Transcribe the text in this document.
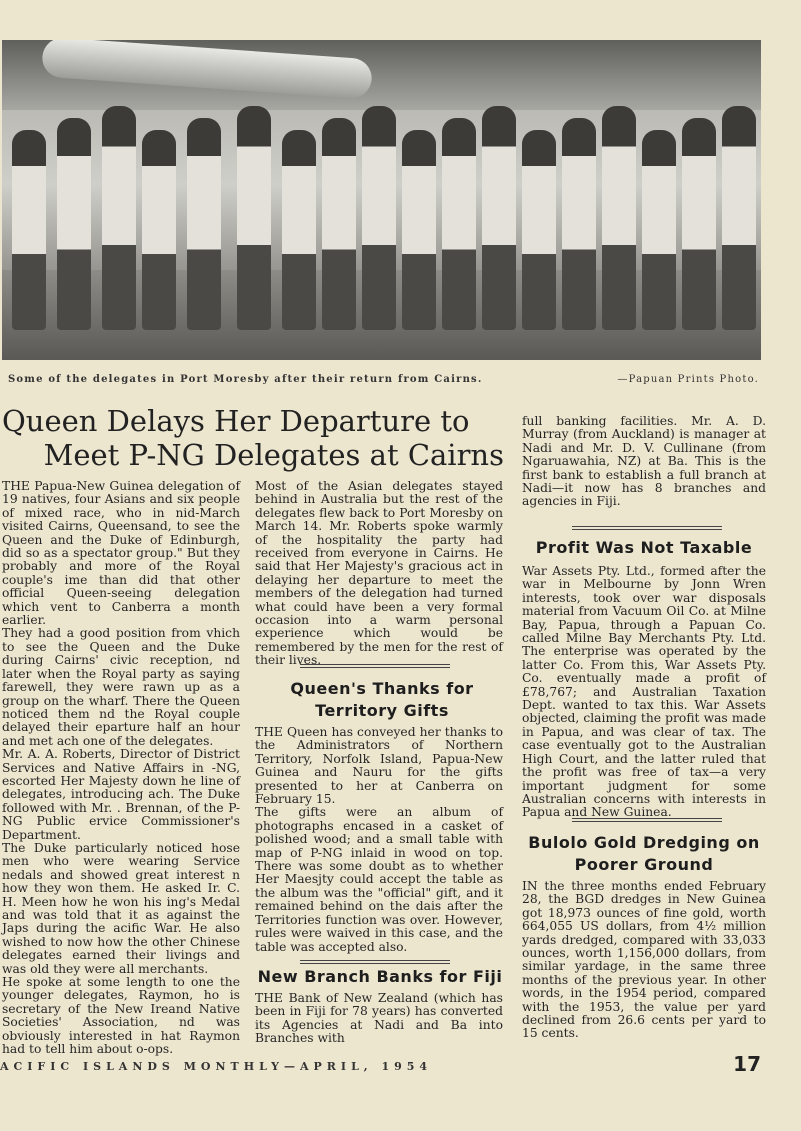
Some of the delegates in Port Moresby after their return from Cairns.	—Papuan Prints Photo.
Queen Delays Her Departure to
Meet P-NG Delegates at Cairns

THE Papua-New Guinea delegation of 19 natives, four Asians and six people of mixed race, who in nid-March visited Cairns, Queensand, to see the Queen and the Duke of Edinburgh, did so as a spectator group." But they probably and more of the Royal couple's ime than did that other official Queen-seeing delegation which vent to Canberra a month earlier.

They had a good position from vhich to see the Queen and the Duke during Cairns' civic reception, nd later when the Royal party as saying farewell, they were rawn up as a group on the wharf. There the Queen noticed them nd the Royal couple delayed their eparture half an hour and met ach one of the delegates.

Mr. A. A. Roberts, Director of District Services and Native Affairs in -NG, escorted Her Majesty down he line of delegates, introducing ach. The Duke followed with Mr. . Brennan, of the P-NG Public ervice Commissioner's Department.

The Duke particularly noticed hose men who were wearing Service nedals and showed great interest n how they won them. He asked Ir. C. H. Meen how he won his ing's Medal and was told that it as against the Japs during the acific War. He also wished to now how the other Chinese delegates earned their livings and was old they were all merchants.

He spoke at some length to one the younger delegates, Raymon, ho is secretary of the New Ireand Native Societies' Association, nd was obviously interested in hat Raymon had to tell him about o-ops.

Most of the Asian delegates stayed behind in Australia but the rest of the delegates flew back to Port Moresby on March 14. Mr. Roberts spoke warmly of the hospitality the party had received from everyone in Cairns. He said that Her Majesty's gracious act in delaying her departure to meet the members of the delegation had turned what could have been a very formal occasion into a warm personal experience which would be remembered by the men for the rest of their lives.

Queen's Thanks for Territory Gifts

THE Queen has conveyed her thanks to the Administrators of Northern Territory, Norfolk Island, Papua-New Guinea and Nauru for the gifts presented to her at Canberra on February 15.

The gifts were an album of photographs encased in a casket of polished wood; and a small table with map of P-NG inlaid in wood on top. There was some doubt as to whether Her Maesjty could accept the table as the album was the "official" gift, and it remained behind on the dais after the Territories function was over. However, rules were waived in this case, and the table was accepted also.

New Branch Banks for Fiji

THE Bank of New Zealand (which has been in Fiji for 78 years) has converted its Agencies at Nadi and Ba into Branches with

full banking facilities. Mr. A. D. Murray (from Auckland) is manager at Nadi and Mr. D. V. Cullinane (from Ngaruawahia, NZ) at Ba. This is the first bank to establish a full branch at Nadi—it now has 8 branches and agencies in Fiji.

Profit Was Not Taxable

War Assets Pty. Ltd., formed after the war in Melbourne by Jonn Wren interests, took over war disposals material from Vacuum Oil Co. at Milne Bay, Papua, through a Papuan Co. called Milne Bay Merchants Pty. Ltd. The enterprise was operated by the latter Co. From this, War Assets Pty. Co. eventually made a profit of £78,767; and Australian Taxation Dept. wanted to tax this. War Assets objected, claiming the profit was made in Papua, and was clear of tax. The case eventually got to the Australian High Court, and the latter ruled that the profit was free of tax—a very important judgment for some Australian concerns with interests in Papua and New Guinea.

Bulolo Gold Dredging on Poorer Ground

IN the three months ended February 28, the BGD dredges in New Guinea got 18,973 ounces of fine gold, worth 664,055 US dollars, from 4½ million yards dredged, compared with 33,033 ounces, worth 1,156,000 dollars, from similar yardage, in the same three months of the previous year. In other words, in the 1954 period, compared with the 1953, the value per yard declined from 26.6 cents per yard to 15 cents.

ACIFIC ISLANDS MONTHLY—APRIL, 1954	17
